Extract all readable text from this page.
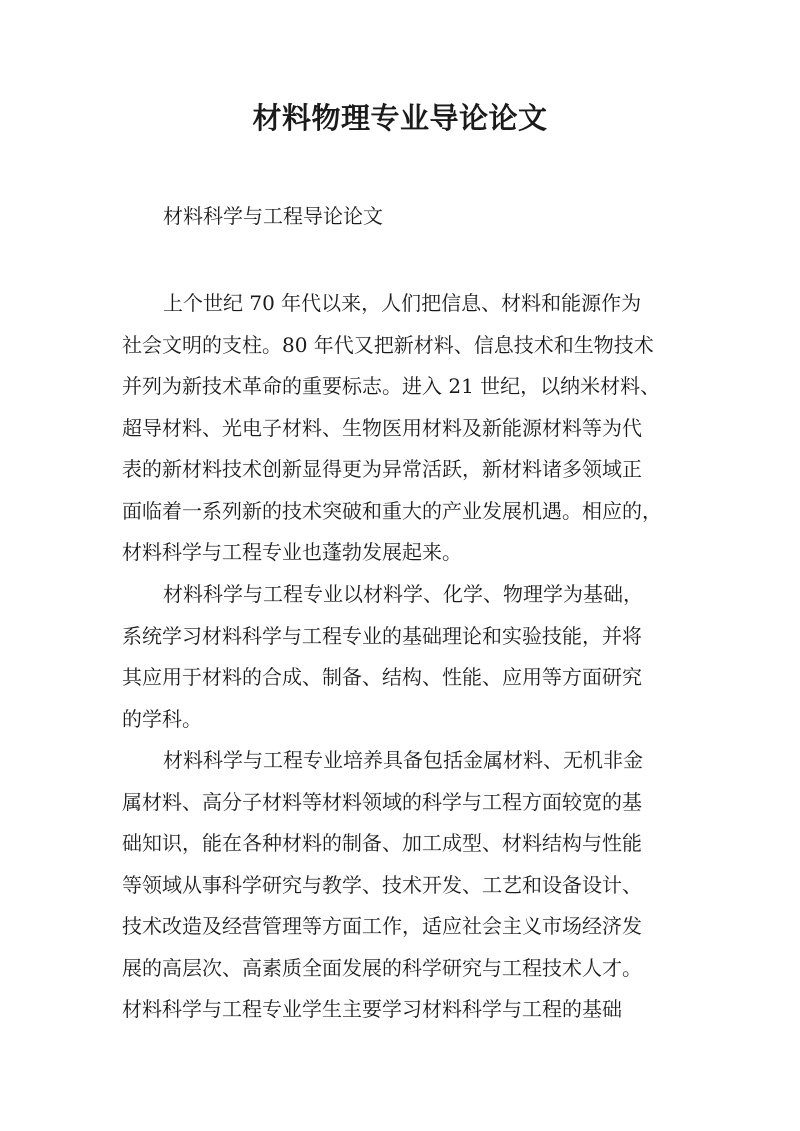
材料物理专业导论论文

材料科学与工程导论论文

上个世纪 70 年代以来，人们把信息、材料和能源作为
社会文明的支柱。80 年代又把新材料、信息技术和生物技术
并列为新技术革命的重要标志。进入 21 世纪，以纳米材料、
超导材料、光电子材料、生物医用材料及新能源材料等为代
表的新材料技术创新显得更为异常活跃，新材料诸多领域正
面临着一系列新的技术突破和重大的产业发展机遇。相应的，
材料科学与工程专业也蓬勃发展起来。

材料科学与工程专业以材料学、化学、物理学为基础，
系统学习材料科学与工程专业的基础理论和实验技能，并将
其应用于材料的合成、制备、结构、性能、应用等方面研究
的学科。

材料科学与工程专业培养具备包括金属材料、无机非金
属材料、高分子材料等材料领域的科学与工程方面较宽的基
础知识，能在各种材料的制备、加工成型、材料结构与性能
等领域从事科学研究与教学、技术开发、工艺和设备设计、
技术改造及经营管理等方面工作，适应社会主义市场经济发
展的高层次、高素质全面发展的科学研究与工程技术人才。
材料科学与工程专业学生主要学习材料科学与工程的基础
